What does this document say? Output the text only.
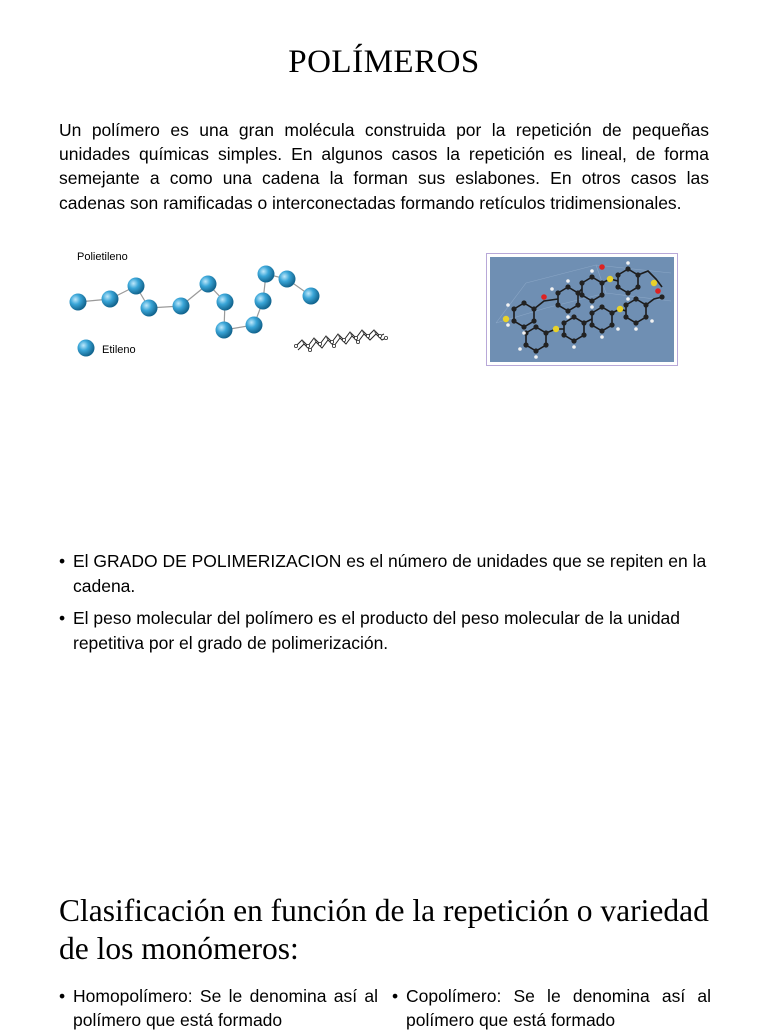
POLÍMEROS
Un polímero es una gran molécula construida por la repetición de pequeñas unidades químicas simples. En algunos casos la repetición es lineal, de forma semejante a como una cadena la forman sus eslabones. En otros casos las cadenas son ramificadas o interconectadas formando retículos tridimensionales.
Polietileno
Etileno
• El GRADO DE POLIMERIZACION es el número de unidades que se repiten en la cadena.
• El peso molecular del polímero es el producto del peso molecular de la unidad repetitiva por el grado de polimerización.
Clasificación en función de la repetición o variedad de los monómeros:
• Homopolímero: Se le denomina así al polímero que está formado
• Copolímero: Se le denomina así al polímero que está formado
